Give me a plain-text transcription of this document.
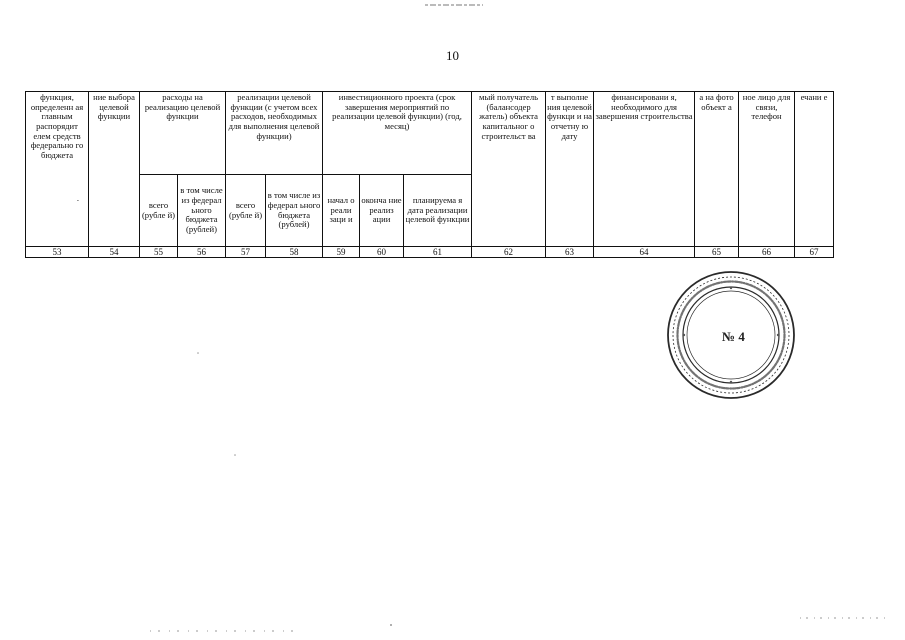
10
функция, определенн ая главным распорядит елем средств федерально го бюджета	ние выбора целевой функции	расходы на реализацию целевой функции		реализации целевой функции (с учетом всех расходов, необходимых для выполнения целевой функции)		инвестиционного проекта (срок завершения мероприятий по реализации целевой функции) (год, месяц)			мый получатель (балансодер жатель) объекта капитальног о строительст ва	т выполне ния целевой функци и на отчетну ю дату	финансировани я, необходимого для завершения строительства	а на фото объект а	ное лицо для связи, телефон	ечани е

.		всего (рубле й)	в том числе из федерал ьного бюджета (рублей)	всего (рубле й)	в том числе из федерал ьного бюджета (рублей)	начал о реали заци и	оконча ние реализ ации	планируема я дата реализации целевой функции						
53	54	55	56	57	58	59	60	61	62	63	64	65	66	67
№ 4
